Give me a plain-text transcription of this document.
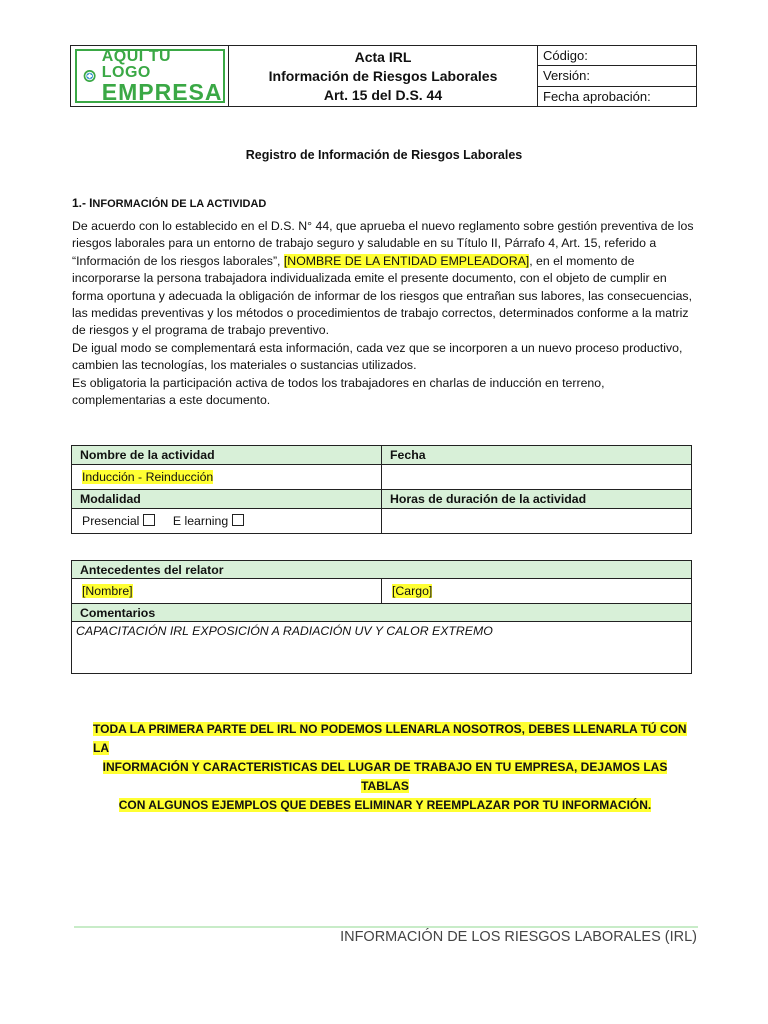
AQUI TU LOGO
EMPRESA
Acta IRL
Información de Riesgos Laborales
Art. 15 del D.S. 44
Código:
Versión:
Fecha aprobación:
Registro de Información de Riesgos Laborales
1.- INFORMACIÓN DE LA ACTIVIDAD

De acuerdo con lo establecido en el D.S. N° 44, que aprueba el nuevo reglamento sobre gestión preventiva de los riesgos laborales para un entorno de trabajo seguro y saludable en su Título II, Párrafo 4, Art. 15, referido a “Información de los riesgos laborales”, [NOMBRE DE LA ENTIDAD EMPLEADORA], en el momento de incorporarse la persona trabajadora individualizada emite el presente documento, con el objeto de cumplir en forma oportuna y adecuada la obligación de informar de los riesgos que entrañan sus labores, las consecuencias, las medidas preventivas y los métodos o procedimientos de trabajo correctos, determinados conforme a la matriz de riesgos y el programa de trabajo preventivo.

De igual modo se complementará esta información, cada vez que se incorporen a un nuevo proceso productivo, cambien las tecnologías, los materiales o sustancias utilizados.

Es obligatoria la participación activa de todos los trabajadores en charlas de inducción en terreno, complementarias a este documento.

Nombre de la actividad	Fecha
Inducción - Reinducción	
Modalidad	Horas de duración de la actividad
Presencial E learning	
Antecedentes del relator
[Nombre]	[Cargo]
Comentarios
CAPACITACIÓN IRL EXPOSICIÓN A RADIACIÓN UV Y CALOR EXTREMO
TODA LA PRIMERA PARTE DEL IRL NO PODEMOS LLENARLA NOSOTROS, DEBES LLENARLA TÚ CON LA
INFORMACIÓN Y CARACTERISTICAS DEL LUGAR DE TRABAJO EN TU EMPRESA, DEJAMOS LAS TABLAS
CON ALGUNOS EJEMPLOS QUE DEBES ELIMINAR Y REEMPLAZAR POR TU INFORMACIÓN.
INFORMACIÓN DE LOS RIESGOS LABORALES (IRL)
